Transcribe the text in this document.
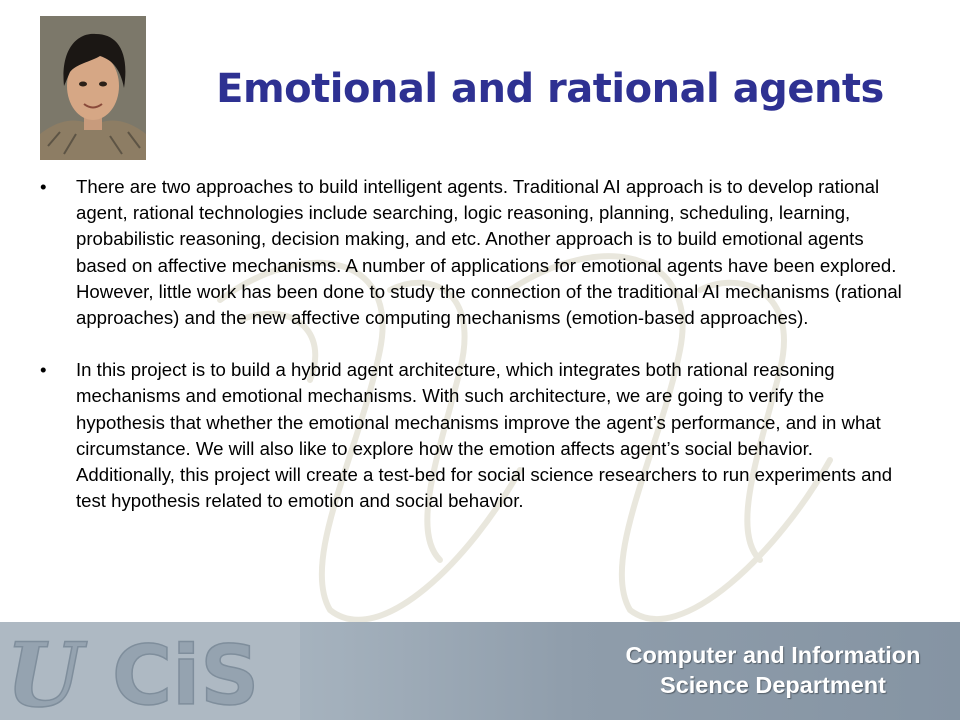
Emotional and rational agents
• There are two approaches to build intelligent agents. Traditional AI approach is to develop rational agent, rational technologies include searching, logic reasoning, planning, scheduling, learning, probabilistic reasoning, decision making, and etc. Another approach is to build emotional agents based on affective mechanisms. A number of applications for emotional agents have been explored. However, little work has been done to study the connection of the traditional AI mechanisms (rational approaches) and the new affective computing mechanisms (emotion-based approaches).
• In this project is to build a hybrid agent architecture, which integrates both rational reasoning mechanisms and emotional mechanisms. With such architecture, we are going to verify the hypothesis that whether the emotional mechanisms improve the agent’s performance, and in what circumstance. We will also like to explore how the emotion affects agent’s social behavior. Additionally, this project will create a test-bed for social science researchers to run experiments and test hypothesis related to emotion and social behavior.
U CiS	Computer and Information
Science Department
